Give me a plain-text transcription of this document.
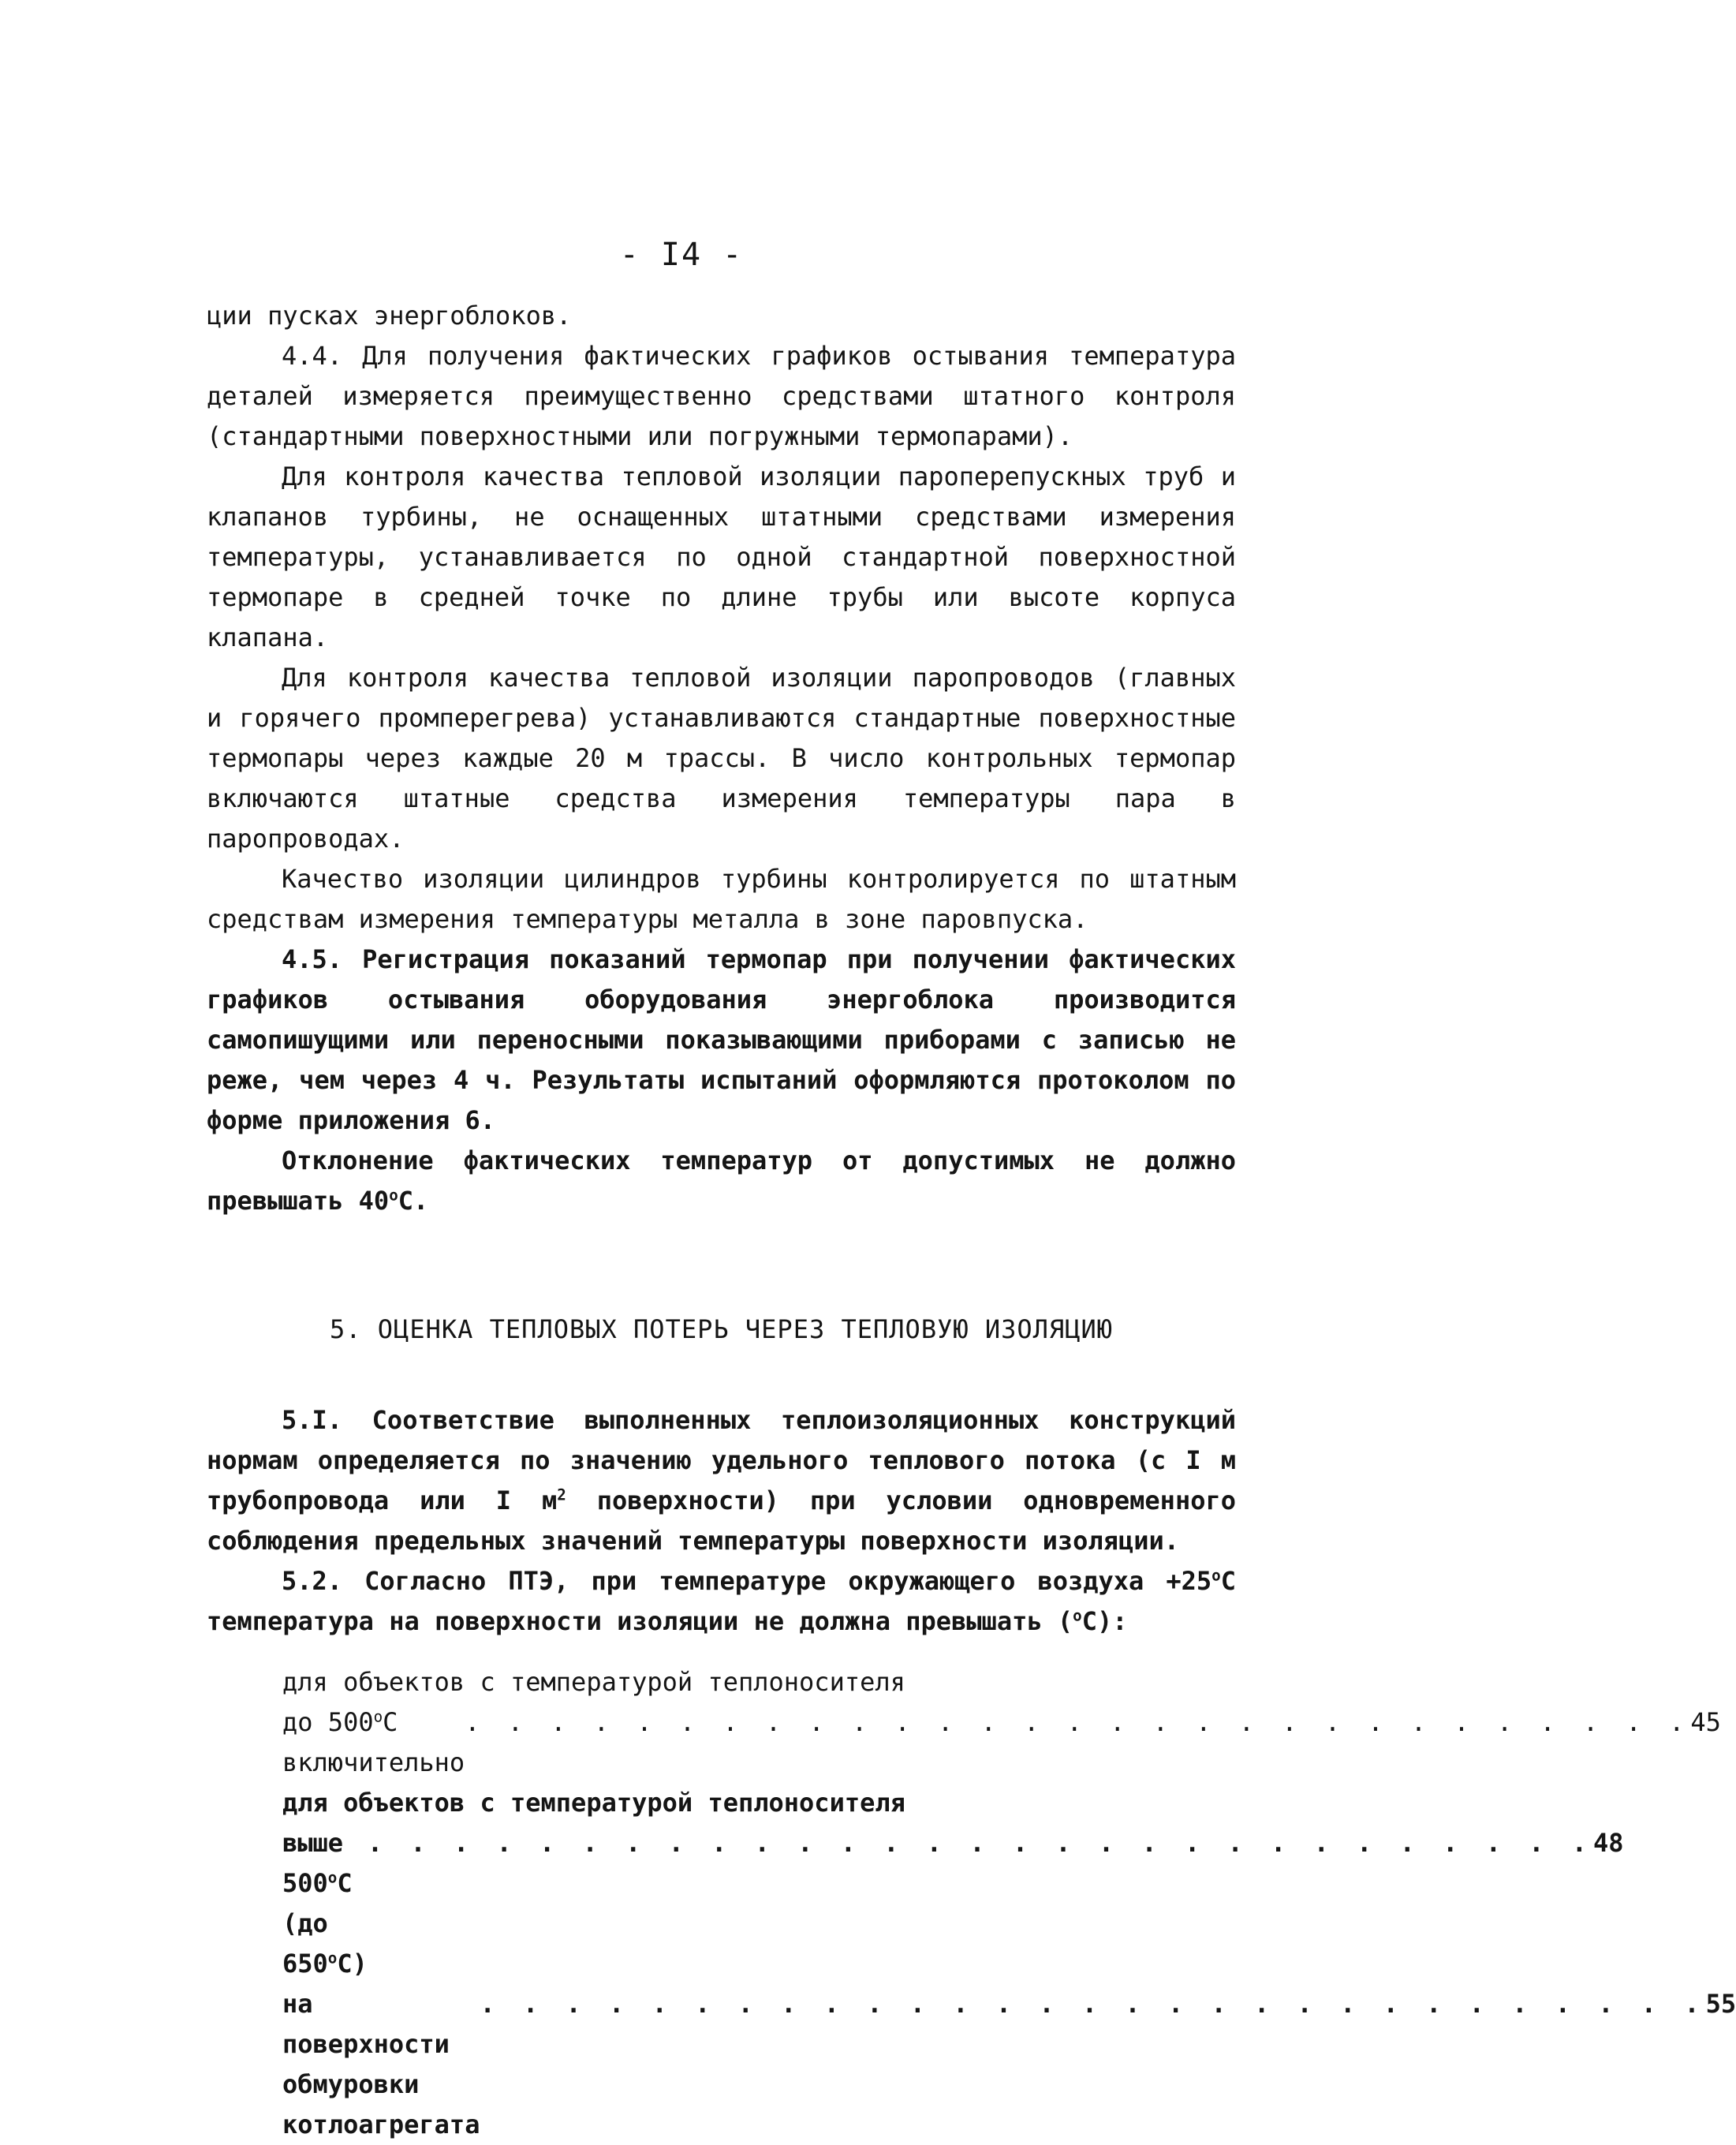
- I4 -

ции пусках энергоблоков.

4.4. Для получения фактических графиков остывания температура деталей измеряется преимущественно средствами штатного контроля (стандартными поверхностными или погружными термопарами).

Для контроля качества тепловой изоляции пароперепускных труб и клапанов турбины, не оснащенных штатными средствами измерения температуры, устанавливается по одной стандартной поверхностной термопаре в средней точке по длине трубы или высоте корпуса клапана.

Для контроля качества тепловой изоляции паропроводов (главных и горячего промперегрева) устанавливаются стандартные поверхностные термопары через каждые 20 м трассы. В число контрольных термопар включаются штатные средства измерения температуры пара в паропроводах.

Качество изоляции цилиндров турбины контролируется по штатным средствам измерения температуры металла в зоне паровпуска.

4.5. Регистрация показаний термопар при получении фактических графиков остывания оборудования энергоблока производится самопишущими или переносными показывающими приборами с записью не реже, чем через 4 ч. Результаты испытаний оформляются протоколом по форме приложения 6.

Отклонение фактических температур от допустимых не должно превышать $40^оС$.

5. ОЦЕНКА ТЕПЛОВЫХ ПОТЕРЬ ЧЕРЕЗ ТЕПЛОВУЮ ИЗОЛЯЦИЮ

5.I. Соответствие выполненных теплоизоляционных конструкций нормам определяется по значению удельного теплового потока (с I м трубопровода или I $м^2$ поверхности) при условии одновременного соблюдения предельных значений температуры поверхности изоляции.

5.2. Согласно ПТЭ, при температуре окружающего воздуха $+25^оС$ температура на поверхности изоляции не должна превышать ($^о$С):

для объектов с температурой теплоносителя

до $500^оС$ включительно
. . . . . . . . . . . . . . . . . . . . . . . . . . . . . 45

для объектов с температурой теплоносителя

выше $500^оС$ (до $650^оС$)
. . . . . . . . . . . . . . . . . . . . . . . . . . . . . 48
на поверхности обмуровки котлоагрегата
. . . . . . . . . . . . . . . . . . . . . . . . . . . . . 55
